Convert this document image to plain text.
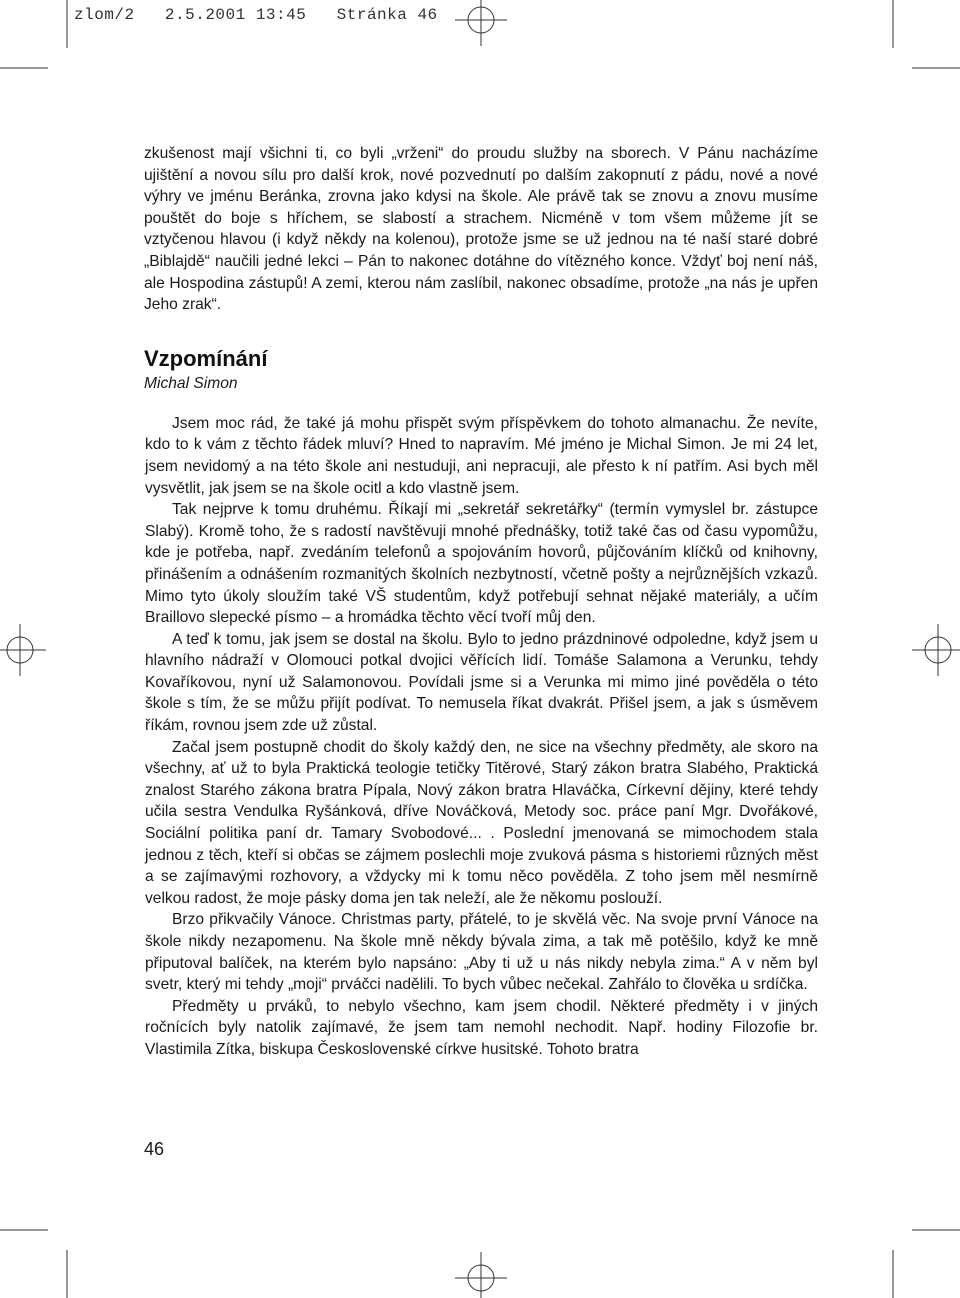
zlom/2   2.5.2001 13:45   Stránka 46

zkušenost mají všichni ti, co byli „vrženi“ do proudu služby na sborech. V Pánu nacházíme ujištění a novou sílu pro další krok, nové pozvednutí po dalším zakopnutí z pádu, nové a nové výhry ve jménu Beránka, zrovna jako kdysi na škole. Ale právě tak se znovu a znovu musíme pouštět do boje s hříchem, se slabostí a strachem. Nicméně v tom všem můžeme jít se vztyčenou hlavou (i když někdy na kolenou), protože jsme se už jednou na té naší staré dobré „Biblajdě“ naučili jedné lekci – Pán to nakonec dotáhne do vítězného konce. Vždyť boj není náš, ale Hospodina zástupů! A zemi, kterou nám zaslíbil, nakonec obsadíme, protože „na nás je upřen Jeho zrak“.

Vzpomínání
Michal Simon

Jsem moc rád, že také já mohu přispět svým příspěvkem do tohoto almanachu. Že nevíte, kdo to k vám z těchto řádek mluví? Hned to napravím. Mé jméno je Michal Simon. Je mi 24 let, jsem nevidomý a na této škole ani nestuduji, ani nepracuji, ale přesto k ní patřím. Asi bych měl vysvětlit, jak jsem se na škole ocitl a kdo vlastně jsem.

Tak nejprve k tomu druhému. Říkají mi „sekretář sekretářky“ (termín vymyslel br. zástupce Slabý). Kromě toho, že s radostí navštěvuji mnohé přednášky, totiž také čas od času vypomůžu, kde je potřeba, např. zvedáním telefonů a spojováním hovorů, půjčováním klíčků od knihovny, přinášením a odnášením rozmanitých školních nezbytností, včetně pošty a nejrůznějších vzkazů. Mimo tyto úkoly sloužím také VŠ studentům, když potřebují sehnat nějaké materiály, a učím Braillovo slepecké písmo – a hromádka těchto věcí tvoří můj den.

A teď k tomu, jak jsem se dostal na školu. Bylo to jedno prázdninové odpoledne, když jsem u hlavního nádraží v Olomouci potkal dvojici věřících lidí. Tomáše Salamona a Verunku, tehdy Kovaříkovou, nyní už Salamonovou. Povídali jsme si a Verunka mi mimo jiné pověděla o této škole s tím, že se můžu přijít podívat. To nemusela říkat dvakrát. Přišel jsem, a jak s úsměvem říkám, rovnou jsem zde už zůstal.

Začal jsem postupně chodit do školy každý den, ne sice na všechny předměty, ale skoro na všechny, ať už to byla Praktická teologie tetičky Titěrové, Starý zákon bratra Slabého, Praktická znalost Starého zákona bratra Pípala, Nový zákon bratra Hlaváčka, Církevní dějiny, které tehdy učila sestra Vendulka Ryšánková, dříve Nováčková, Metody soc. práce paní Mgr. Dvořákové, Sociální politika paní dr. Tamary Svobodové... . Poslední jmenovaná se mimochodem stala jednou z těch, kteří si občas se zájmem poslechli moje zvuková pásma s historiemi různých měst a se zajímavými rozhovory, a vždycky mi k tomu něco pověděla. Z toho jsem měl nesmírně velkou radost, že moje pásky doma jen tak neleží, ale že někomu poslouží.

Brzo přikvačily Vánoce. Christmas party, přátelé, to je skvělá věc. Na svoje první Vánoce na škole nikdy nezapomenu. Na škole mně někdy bývala zima, a tak mě potěšilo, když ke mně připutoval balíček, na kterém bylo napsáno: „Aby ti už u nás nikdy nebyla zima.“ A v něm byl svetr, který mi tehdy „moji“ prváčci nadělili. To bych vůbec nečekal. Zahřálo to člověka u srdíčka.

Předměty u prváků, to nebylo všechno, kam jsem chodil. Některé předměty i v jiných ročnících byly natolik zajímavé, že jsem tam nemohl nechodit. Např. hodiny Filozofie br. Vlastimila Zítka, biskupa Československé církve husitské. Tohoto bratra

46
